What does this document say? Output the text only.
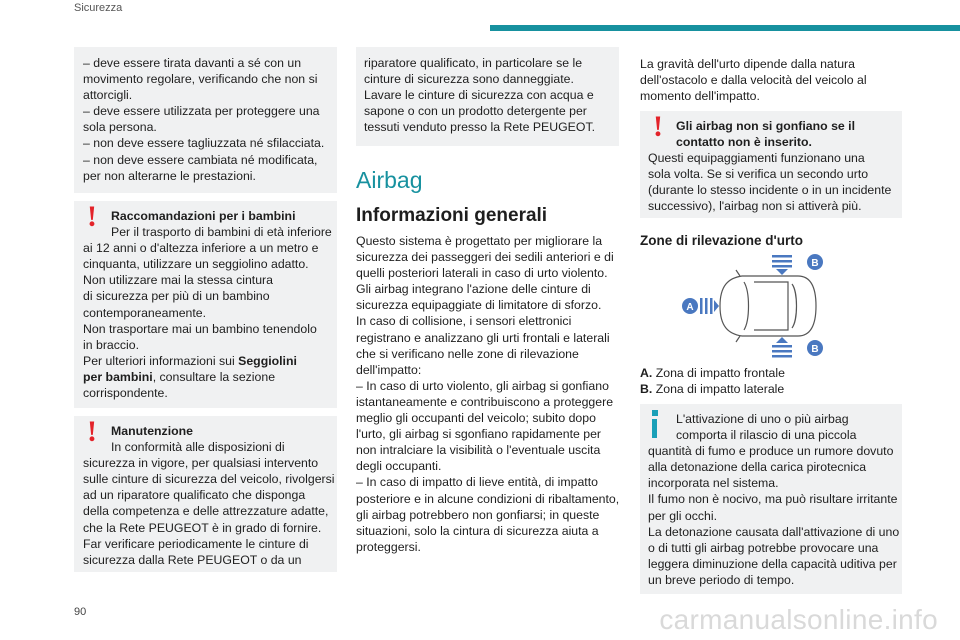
Sicurezza

– deve essere tirata davanti a sé con un

movimento regolare, verificando che non si

attorcigli.

– deve essere utilizzata per proteggere una

sola persona.

– non deve essere tagliuzzata né sfilacciata.

– non deve essere cambiata né modificata,

per non alterarne le prestazioni.

!	Raccomandazioni per i bambini

Per il trasporto di bambini di età inferiore

ai 12 anni o d'altezza inferiore a un metro e

cinquanta, utilizzare un seggiolino adatto.

Non utilizzare mai la stessa cintura

di sicurezza per più di un bambino

contemporaneamente.

Non trasportare mai un bambino tenendolo

in braccio.

Per ulteriori informazioni sui Seggiolini

per bambini, consultare la sezione

corrispondente.

!	Manutenzione

In conformità alle disposizioni di

sicurezza in vigore, per qualsiasi intervento

sulle cinture di sicurezza del veicolo, rivolgersi

ad un riparatore qualificato che disponga

della competenza e delle attrezzature adatte,

che la Rete PEUGEOT è in grado di fornire.

Far verificare periodicamente le cinture di

sicurezza dalla Rete PEUGEOT o da un

riparatore qualificato, in particolare se le

cinture di sicurezza sono danneggiate.

Lavare le cinture di sicurezza con acqua e

sapone o con un prodotto detergente per

tessuti venduto presso la Rete PEUGEOT.

Airbag
Informazioni generali

Questo sistema è progettato per migliorare la

sicurezza dei passeggeri dei sedili anteriori e di

quelli posteriori laterali in caso di urto violento.

Gli airbag integrano l'azione delle cinture di

sicurezza equipaggiate di limitatore di sforzo.

In caso di collisione, i sensori elettronici

registrano e analizzano gli urti frontali e laterali

che si verificano nelle zone di rilevazione

dell'impatto:

– In caso di urto violento, gli airbag si gonfiano

istantaneamente e contribuiscono a proteggere

meglio gli occupanti del veicolo; subito dopo

l'urto, gli airbag si sgonfiano rapidamente per

non intralciare la visibilità o l'eventuale uscita

degli occupanti.

– In caso di impatto di lieve entità, di impatto

posteriore e in alcune condizioni di ribaltamento,

gli airbag potrebbero non gonfiarsi; in queste

situazioni, solo la cintura di sicurezza aiuta a

proteggersi.

La gravità dell'urto dipende dalla natura

dell'ostacolo e dalla velocità del veicolo al

momento dell'impatto.

!	Gli airbag non si gonfiano se il

contatto non è inserito.

Questi equipaggiamenti funzionano una

sola volta. Se si verifica un secondo urto

(durante lo stesso incidente o in un incidente

successivo), l'airbag non si attiverà più.

Zone di rilevazione d'urto
A
B
B

A. Zona di impatto frontale

B. Zona di impatto laterale

L'attivazione di uno o più airbag

comporta il rilascio di una piccola

quantità di fumo e produce un rumore dovuto

alla detonazione della carica pirotecnica

incorporata nel sistema.

Il fumo non è nocivo, ma può risultare irritante

per gli occhi.

La detonazione causata dall'attivazione di uno

o di tutti gli airbag potrebbe provocare una

leggera diminuzione della capacità uditiva per

un breve periodo di tempo.

90	carmanualsonline.info
